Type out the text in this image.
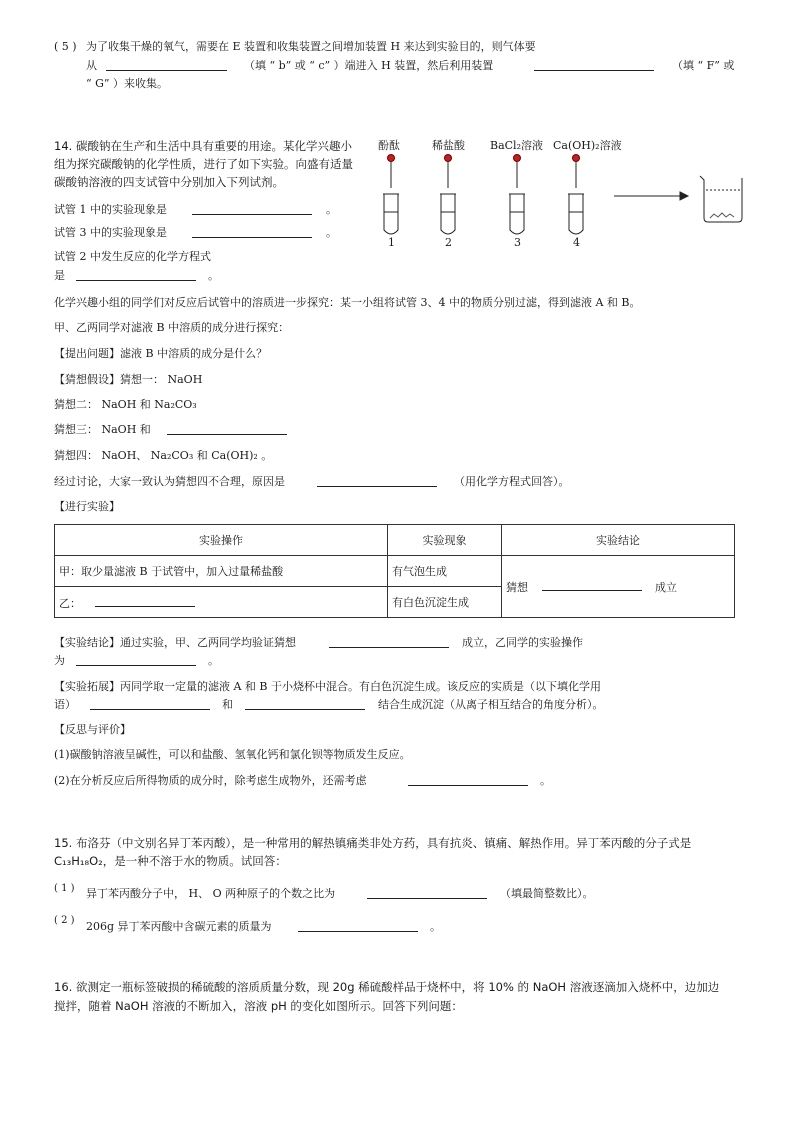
( 5 ) 为了收集干燥的氧气，需要在 E 装置和收集装置之间增加装置 H 来达到实验目的，则气体要
从	（填 “ b” 或 “ c” ）端进入 H 装置，然后利用装置	（填 “ F” 或
“ G” ）来收集。
14. 碳酸钠在生产和生活中具有重要的用途。某化学兴趣小
组为探究碳酸钠的化学性质，进行了如下实验。向盛有适量
碳酸钠溶液的四支试管中分别加入下列试剂。
试管 1 中的实验现象是	。
试管 3 中的实验现象是	。
试管 2 中发生反应的化学方程式
是	。
酚酞	稀盐酸 BaCl₂溶液 Ca(OH)₂溶液
1	2	3	4
化学兴趣小组的同学们对反应后试管中的溶质进一步探究：某一小组将试管 3、4 中的物质分别过滤，得到滤液 A 和 B。
甲、乙两同学对滤液 B 中溶质的成分进行探究：
【提出问题】滤液 B 中溶质的成分是什么？
【猜想假设】猜想一： NaOH
猜想二： NaOH 和 Na₂CO₃
猜想三： NaOH 和
猜想四： NaOH、 Na₂CO₃ 和 Ca(OH)₂ 。
经过讨论，大家一致认为猜想四不合理，原因是	（用化学方程式回答）。
【进行实验】
实验操作	实验现象	实验结论
甲：取少量滤液 B 于试管中，加入过量稀盐酸	有气泡生成	猜想 成立
乙：	有白色沉淀生成	
【实验结论】通过实验，甲、乙两同学均验证猜想	成立，乙同学的实验操作
为	。
【实验拓展】丙同学取一定量的滤液 A 和 B 于小烧杯中混合。有白色沉淀生成。该反应的实质是（以下填化学用
语）	和	结合生成沉淀（从离子相互结合的角度分析）。
【反思与评价】
(1)碳酸钠溶液呈碱性，可以和盐酸、氢氧化钙和氯化钡等物质发生反应。
(2)在分析反应后所得物质的成分时，除考虑生成物外，还需考虑	。
15. 布洛芬（中文别名异丁苯丙酸），是一种常用的解热镇痛类非处方药，具有抗炎、镇痛、解热作用。异丁苯丙酸的分子式是
C₁₃H₁₈O₂，是一种不溶于水的物质。试回答：
( 1 ) 异丁苯丙酸分子中， H、 O 两种原子的个数之比为	（填最简整数比）。
( 2 ) 206g 异丁苯丙酸中含碳元素的质量为	。
16. 欲测定一瓶标签破损的稀硫酸的溶质质量分数，现 20g 稀硫酸样品于烧杯中，将 10% 的 NaOH 溶液逐滴加入烧杯中，边加边
搅拌，随着 NaOH 溶液的不断加入，溶液 pH 的变化如图所示。回答下列问题：
